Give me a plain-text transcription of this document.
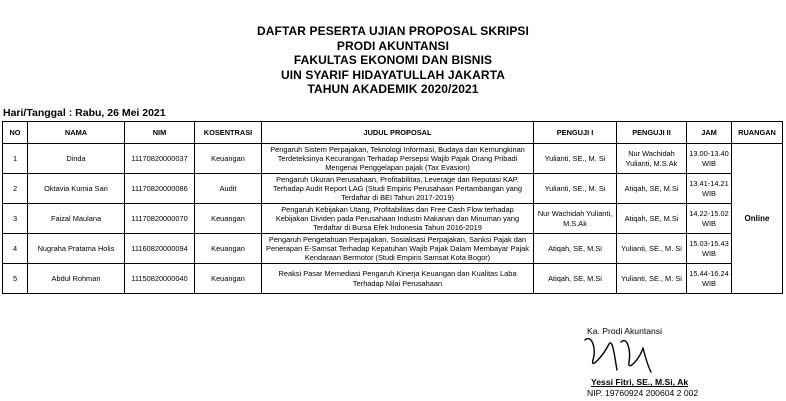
DAFTAR PESERTA UJIAN PROPOSAL SKRIPSI
PRODI AKUNTANSI
FAKULTAS EKONOMI DAN BISNIS
UIN SYARIF HIDAYATULLAH JAKARTA
TAHUN AKADEMIK 2020/2021
Hari/Tanggal : Rabu, 26 Mei 2021
NO	NAMA	NIM	KOSENTRASI	JUDUL PROPOSAL	PENGUJI I	PENGUJI II	JAM	RUANGAN
1	Dinda	11170820000037	Keuangan	Pengaruh Sistem Perpajakan, Teknologi Informasi, Budaya dan Kemungkinan Terdeteksinya Kecurangan Terhadap Persepsi Wajib Pajak Orang Pribadi Mengenai Penggelapan pajak (Tax Evasion)	Yulianti, SE., M. Si	Nur Wachidah Yulianti, M.S.Ak	13.00-13.40 WIB	Online
2	Oktavia Kurnia Sari	11170820000086	Audit	Pengaruh Ukuran Perusahaan, Profitabilitas, Leverage dan Reputasi KAP. Terhadap Audit Report LAG (Studi Empiris Perusahaan Pertambangan yang Terdaftar di BEI Tahun 2017-2019)	Yulianti, SE., M. Si	Atiqah, SE, M.Si	13.41-14.21 WIB	
3	Faizal Maulana	11170820000070	Keuangan	Pengaruh Kebijakan Utang, Profitabilitas dan Free Cash Flow terhadap Kebijakan Dividen pada Perusahaan Industri Makanan dan Minuman yang Terdaftar di Bursa Efek Indonesia Tahun 2016-2019	Nur Wachidah Yulianti, M.S.Ak	Atiqah, SE, M.Si	14.22-15.02 WIB	
4	Nugraha Pratama Holis	11160820000094	Keuangan	Pengaruh Pengetahuan Perpajakan, Sosialisasi Perpajakan, Sanksi Pajak dan Penerapan E-Samsat Terhadap Kepatuhan Wajib Pajak Dalam Membayar Pajak Kendaraan Bermotor (Studi Empiris Samsat Kota Bogor)	Atiqah, SE, M.Si	Yulianti, SE., M. Si	15.03-15.43 WIB	
5	Abdul Rohman	11150820000040	Keuangan	Reaksi Pasar Memediasi Pengaruh Kinerja Keuangan dan Kualitas Laba Terhadap Nilai Perusahaan	Atiqah, SE, M.Si	Yulianti, SE., M. Si	15.44-16.24 WIB	
Ka. Prodi Akuntansi
Yessi Fitri, SE., M.Si, Ak
NIP. 19760924 200604 2 002
